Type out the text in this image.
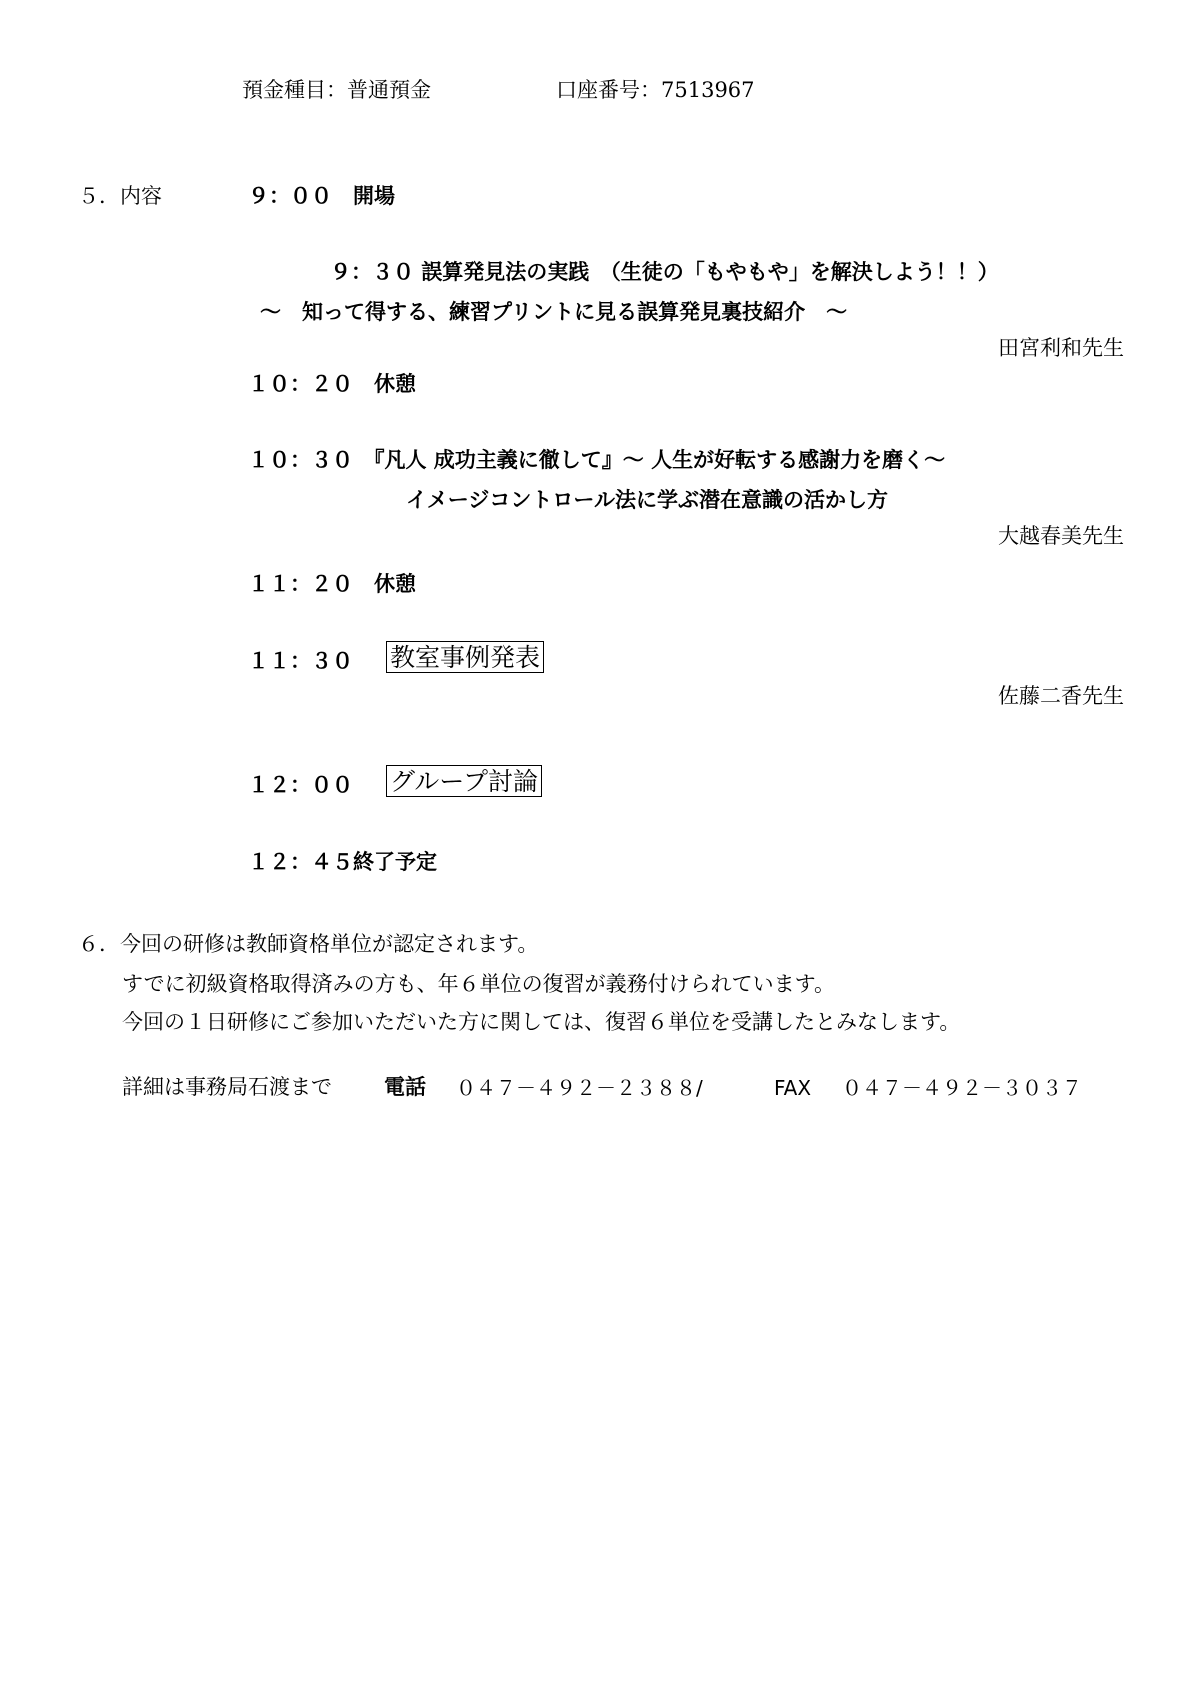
預金種目：普通預金	口座番号：7513967
５．内容	９：００　開場
９：３０ 誤算発見法の実践　（生徒の「もやもや」を解決しよう！！）
～　知って得する、練習プリントに見る誤算発見裏技紹介　～
田宮利和先生
１０：２０　休憩
１０：３０　『凡人 成功主義に徹して』～ 人生が好転する感謝力を磨く～
イメージコントロール法に学ぶ潜在意識の活かし方
大越春美先生
１１：２０　休憩
１１：３０ 教室事例発表
佐藤二香先生
１２：００ グループ討論
１２：４５終了予定
６．今回の研修は教師資格単位が認定されます。
すでに初級資格取得済みの方も、年６単位の復習が義務付けられています。
今回の１日研修にご参加いただいた方に関しては、復習６単位を受講したとみなします。
詳細は事務局石渡まで 電話 ０４７－４９２－２３８８/	FAX ０４７－４９２－３０３７
